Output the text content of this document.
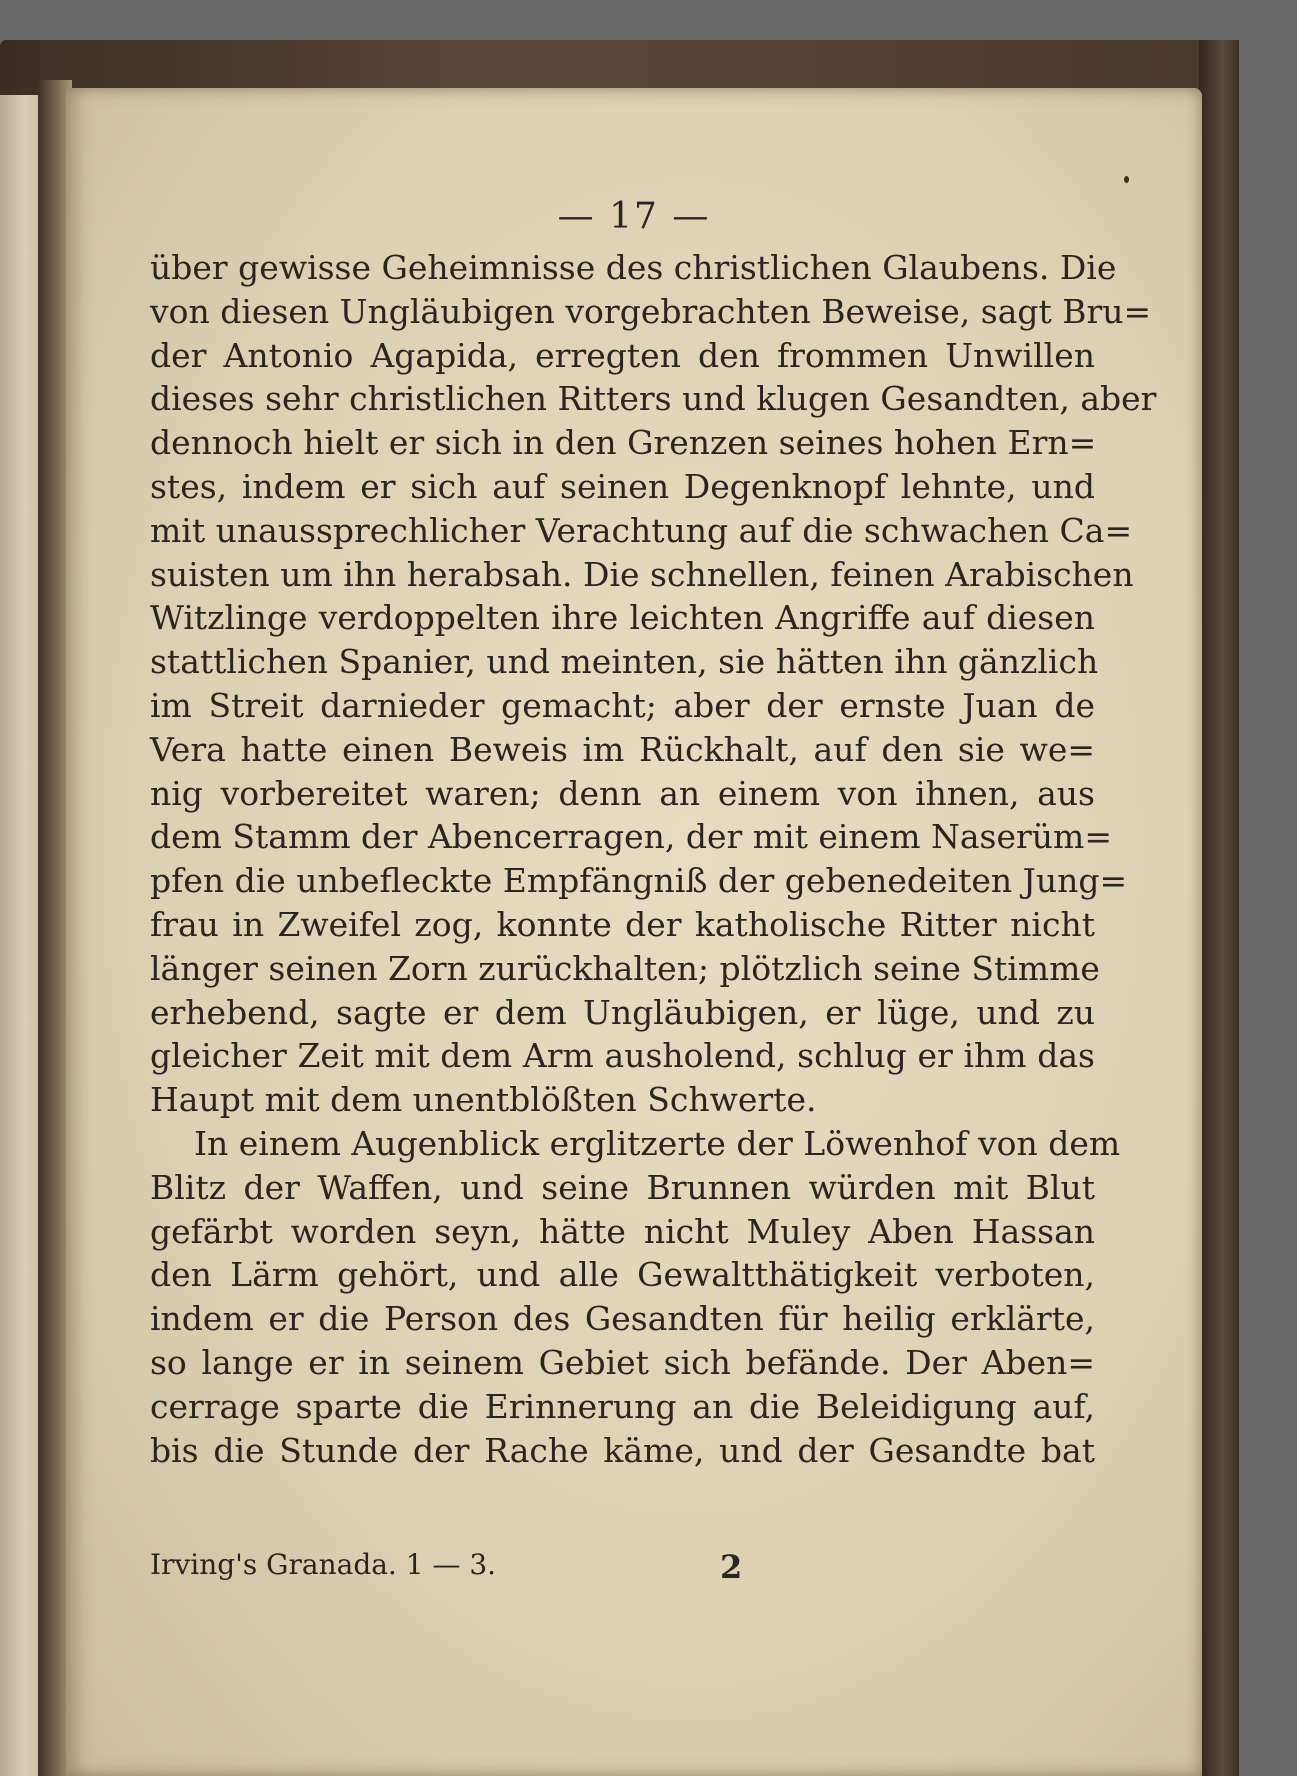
— 17 —
über gewisse Geheimnisse des christlichen Glaubens. Die
von diesen Ungläubigen vorgebrachten Beweise, sagt Bru=
der Antonio Agapida, erregten den frommen Unwillen
dieses sehr christlichen Ritters und klugen Gesandten, aber
dennoch hielt er sich in den Grenzen seines hohen Ern=
stes, indem er sich auf seinen Degenknopf lehnte, und
mit unaussprechlicher Verachtung auf die schwachen Ca=
suisten um ihn herabsah. Die schnellen, feinen Arabischen
Witzlinge verdoppelten ihre leichten Angriffe auf diesen
stattlichen Spanier, und meinten, sie hätten ihn gänzlich
im Streit darnieder gemacht; aber der ernste Juan de
Vera hatte einen Beweis im Rückhalt, auf den sie we=
nig vorbereitet waren; denn an einem von ihnen, aus
dem Stamm der Abencerragen, der mit einem Naserüm=
pfen die unbefleckte Empfängniß der gebenedeiten Jung=
frau in Zweifel zog, konnte der katholische Ritter nicht
länger seinen Zorn zurückhalten; plötzlich seine Stimme
erhebend, sagte er dem Ungläubigen, er lüge, und zu
gleicher Zeit mit dem Arm ausholend, schlug er ihm das
Haupt mit dem unentblößten Schwerte.
In einem Augenblick erglitzerte der Löwenhof von dem
Blitz der Waffen, und seine Brunnen würden mit Blut
gefärbt worden seyn, hätte nicht Muley Aben Hassan
den Lärm gehört, und alle Gewaltthätigkeit verboten,
indem er die Person des Gesandten für heilig erklärte,
so lange er in seinem Gebiet sich befände. Der Aben=
cerrage sparte die Erinnerung an die Beleidigung auf,
bis die Stunde der Rache käme, und der Gesandte bat
Irving's Granada. 1 — 3.	2
